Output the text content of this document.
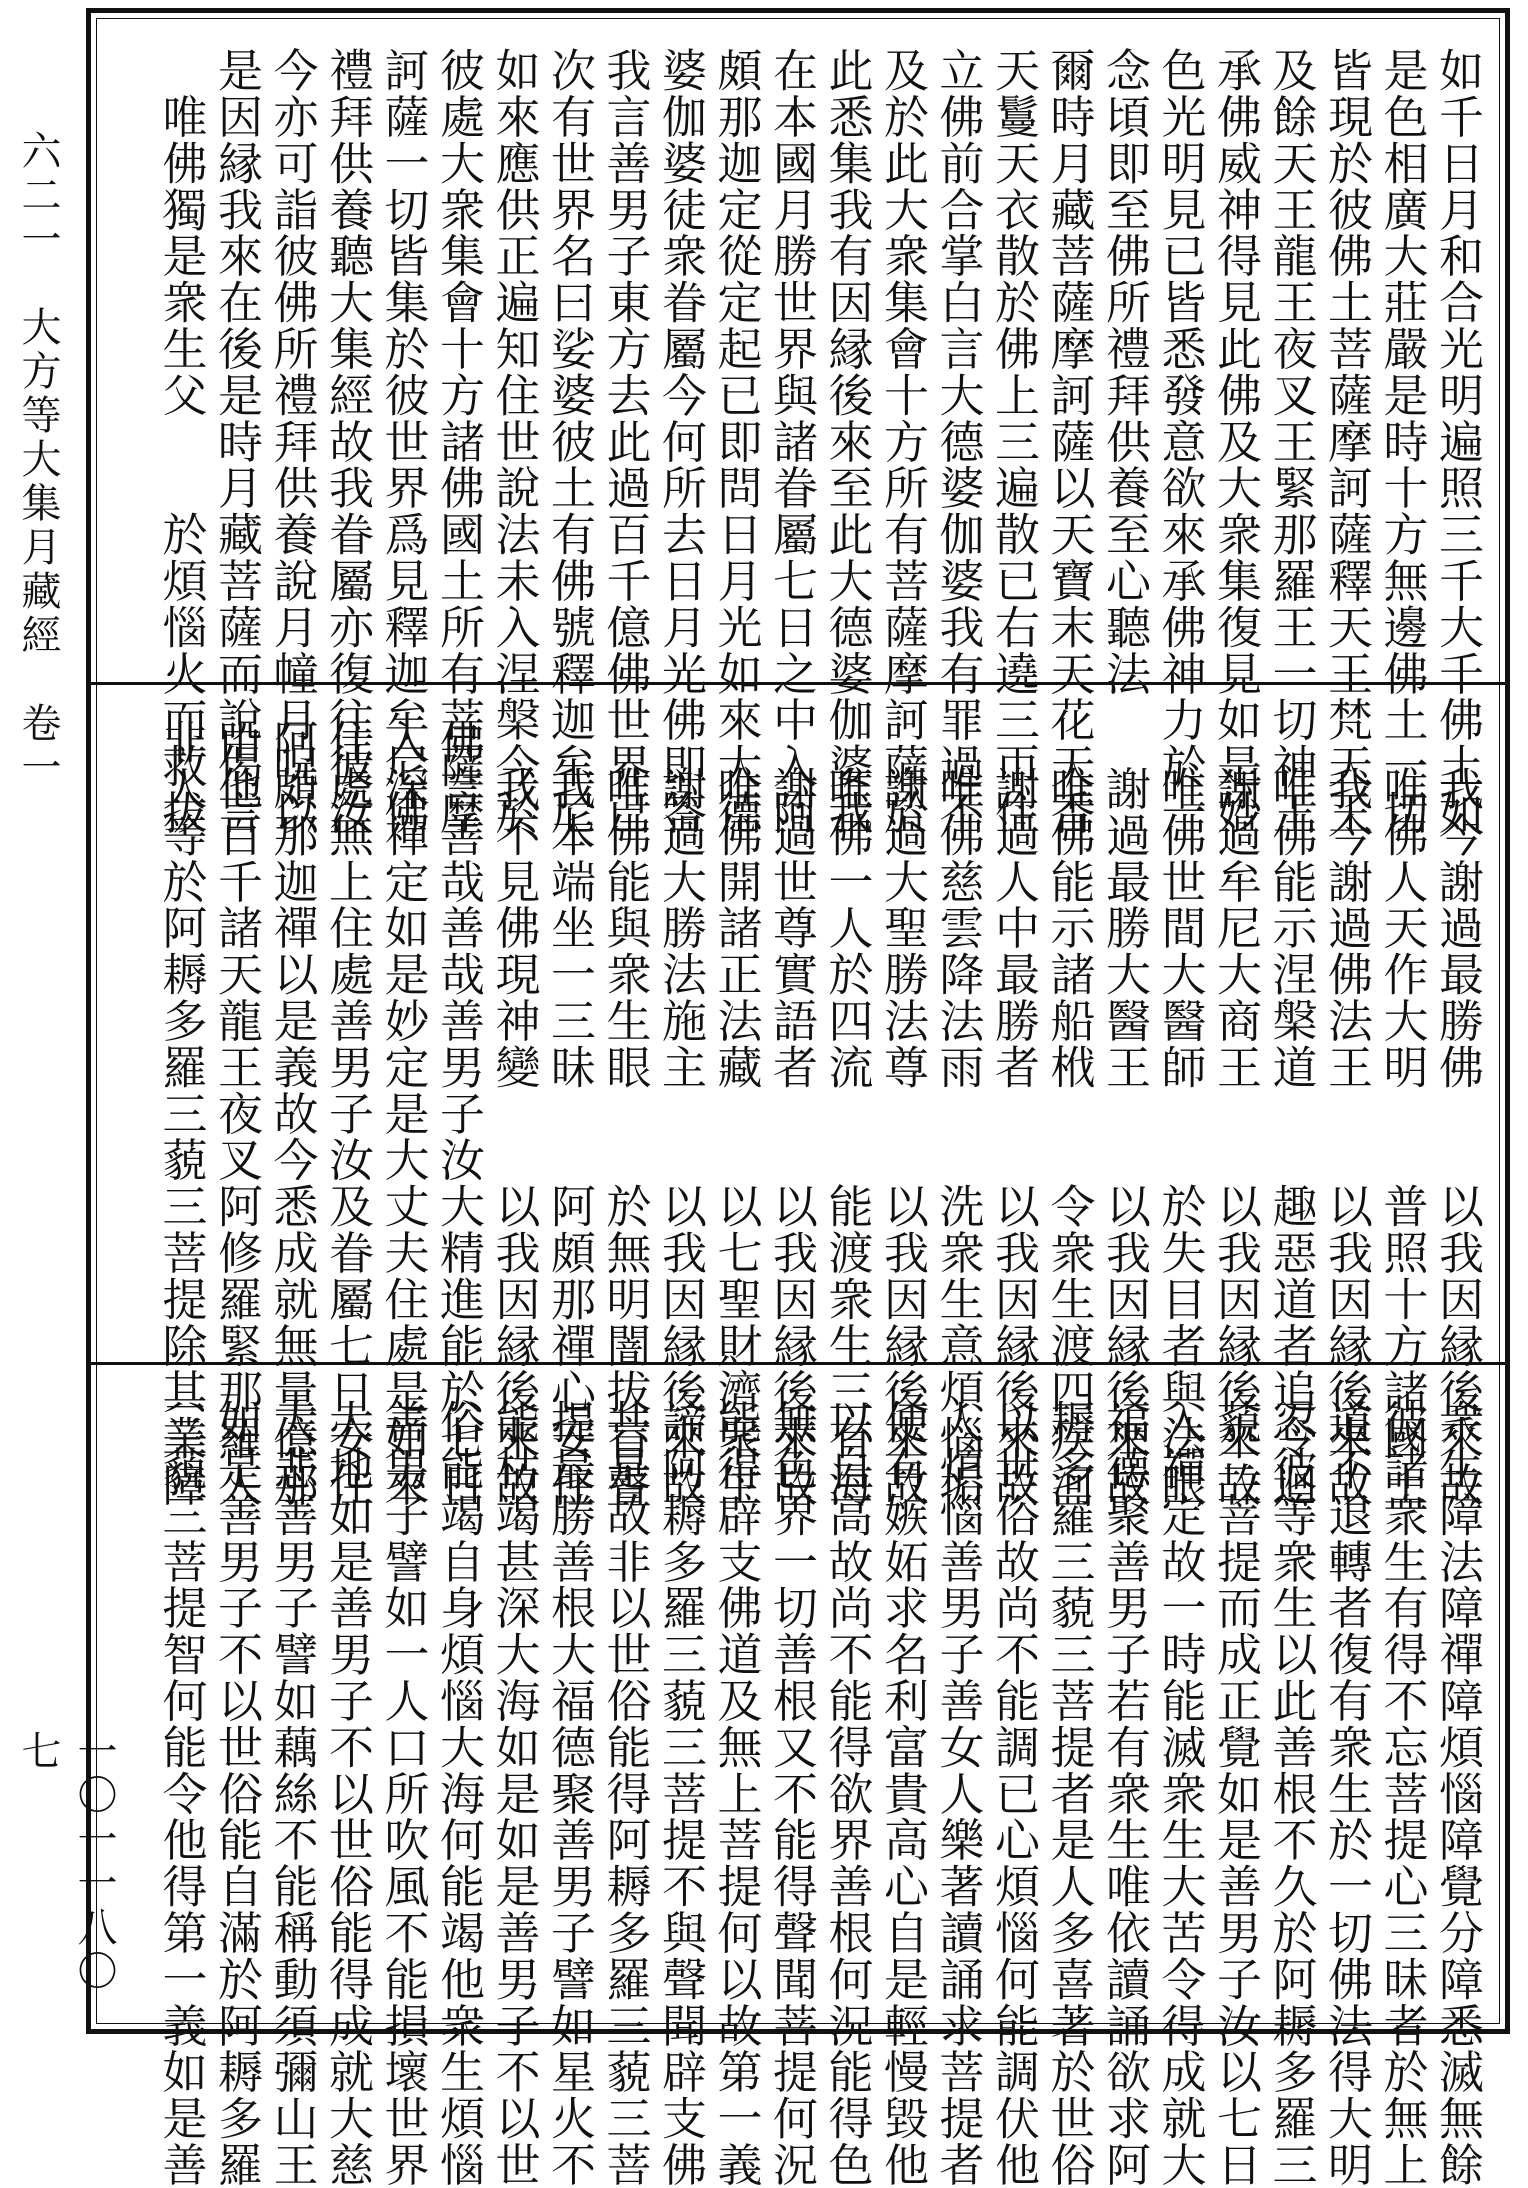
六二一　大方等大集月藏經　卷一
一〇一一八〇七
如千日月和合光明遍照三千大千佛土如
是色相廣大莊嚴是時十方無邊佛土一切
皆現於彼佛土菩薩摩訶薩釋天王梵天王
及餘天王龍王夜叉王緊那羅王一切神王
承佛威神得見此佛及大衆集復見如是妙
色光明見已皆悉發意欲來承佛神力於一
念頃即至佛所禮拜供養至心聽法
爾時月藏菩薩摩訶薩以天寶末天花天香
天鬘天衣散於佛上三遍散已右遶三帀住
立佛前合掌白言大德婆伽婆我有罪過不
及於此大衆集會十方所有菩薩摩訶薩於
此悉集我有因縁後來至此大德婆伽婆我
在本國月勝世界與諸眷屬七日之中入阿
頗那迦定從定起已即問日月光如來大德
婆伽婆徒衆眷屬今何所去日月光佛即答
我言善男子東方去此過百千億佛世界已
次有世界名曰娑婆彼土有佛號釋迦牟尼
如來應供正遍知住世說法未入涅槃今於
彼處大衆集會十方諸佛國土所有菩薩摩
訶薩一切皆集於彼世界爲見釋迦牟尼佛
禮拜供養聽大集經故我眷屬亦復往彼汝
今亦可詣彼佛所禮拜供養說月幢月呪以
是因縁我來在後是時月藏菩薩而說偈言
　唯佛獨是衆生父　　於煩惱火而救拔
　我今謝過最勝佛　　以我因縁後來故
　唯佛人天作大明　　普照十方諸國土
　我今謝過佛法王　　以我因縁後來故
　唯佛能示涅槃道　　趣惡道者追令迴
　謝過牟尼大商王　　以我因縁後來故
　唯佛世間大醫師　　於失目者與法眼
　謝過最勝大醫王　　以我因縁後來故
　唯佛能示諸船栰　　令衆生渡四疾河
　謝過人中最勝者　　以我因縁後來故
　唯佛慈雲降法雨　　洗衆生意煩惱垢
　謝過大聖勝法尊　　以我因縁後來故
　唯佛一人於四流　　能渡衆生三有海
　謝過世尊實語者　　以我因縁後來故
　唯佛開諸正法藏　　以七聖財濟衆生
　謝過大勝法施主　　以我因縁後來故
　唯佛能與衆生眼　　於無明闇拔盲瞽
　我本端坐一三昧　　阿頗那禪心安住
　我不見佛現神變　　以我因縁後來故
佛言善哉善哉善男子汝大精進能於七日
入深禪定如是妙定是大丈夫住處是如來
住處無上住處善男子汝及眷屬七日安住
阿頗那迦禪以是義故今悉成就無量億那
由他百千諸天龍王夜叉阿修羅緊那羅人
非人等於阿耨多羅三藐三菩提除其業障
衆生障法障禪障煩惱障覺分障悉滅無餘
彼諸衆生有得不忘菩提心三昧者於無上
道不退轉者復有衆生於一切佛法得大明
忍彼等衆生以此善根不久於阿耨多羅三
藐三菩提而成正覺如是善男子汝以七日
入禪定故一時能滅衆生大苦令得成就大
福德聚善男子若有衆生唯依讀誦欲求阿
耨多羅三藐三菩提者是人多喜著於世俗
以世俗故尚不能調已心煩惱何能調伏他
人煩惱善男子善女人樂著讀誦求菩提者
便有嫉妬求名利富貴高心自是輕慢毀他
以自高故尚不能得欲界善根何況能得色
無色界一切善根又不能得聲聞菩提何況
能得辟支佛道及無上菩提何以故第一義
諦阿耨多羅三藐三菩提不與聲聞辟支佛
共是故非以世俗能得阿耨多羅三藐三菩
提最勝善根大福德聚善男子譬如星火不
能枯竭甚深大海如是如是善男子不以世
俗能竭自身煩惱大海何能竭他衆生煩惱
善男子譬如一人口所吹風不能損壞世界
大地如是善男子不以世俗能得成就大慈
大悲善男子譬如藕絲不能稱動須彌山王
如是善男子不以世俗能自滿於阿耨多羅
三藐三菩提智何能令他得第一義如是善
